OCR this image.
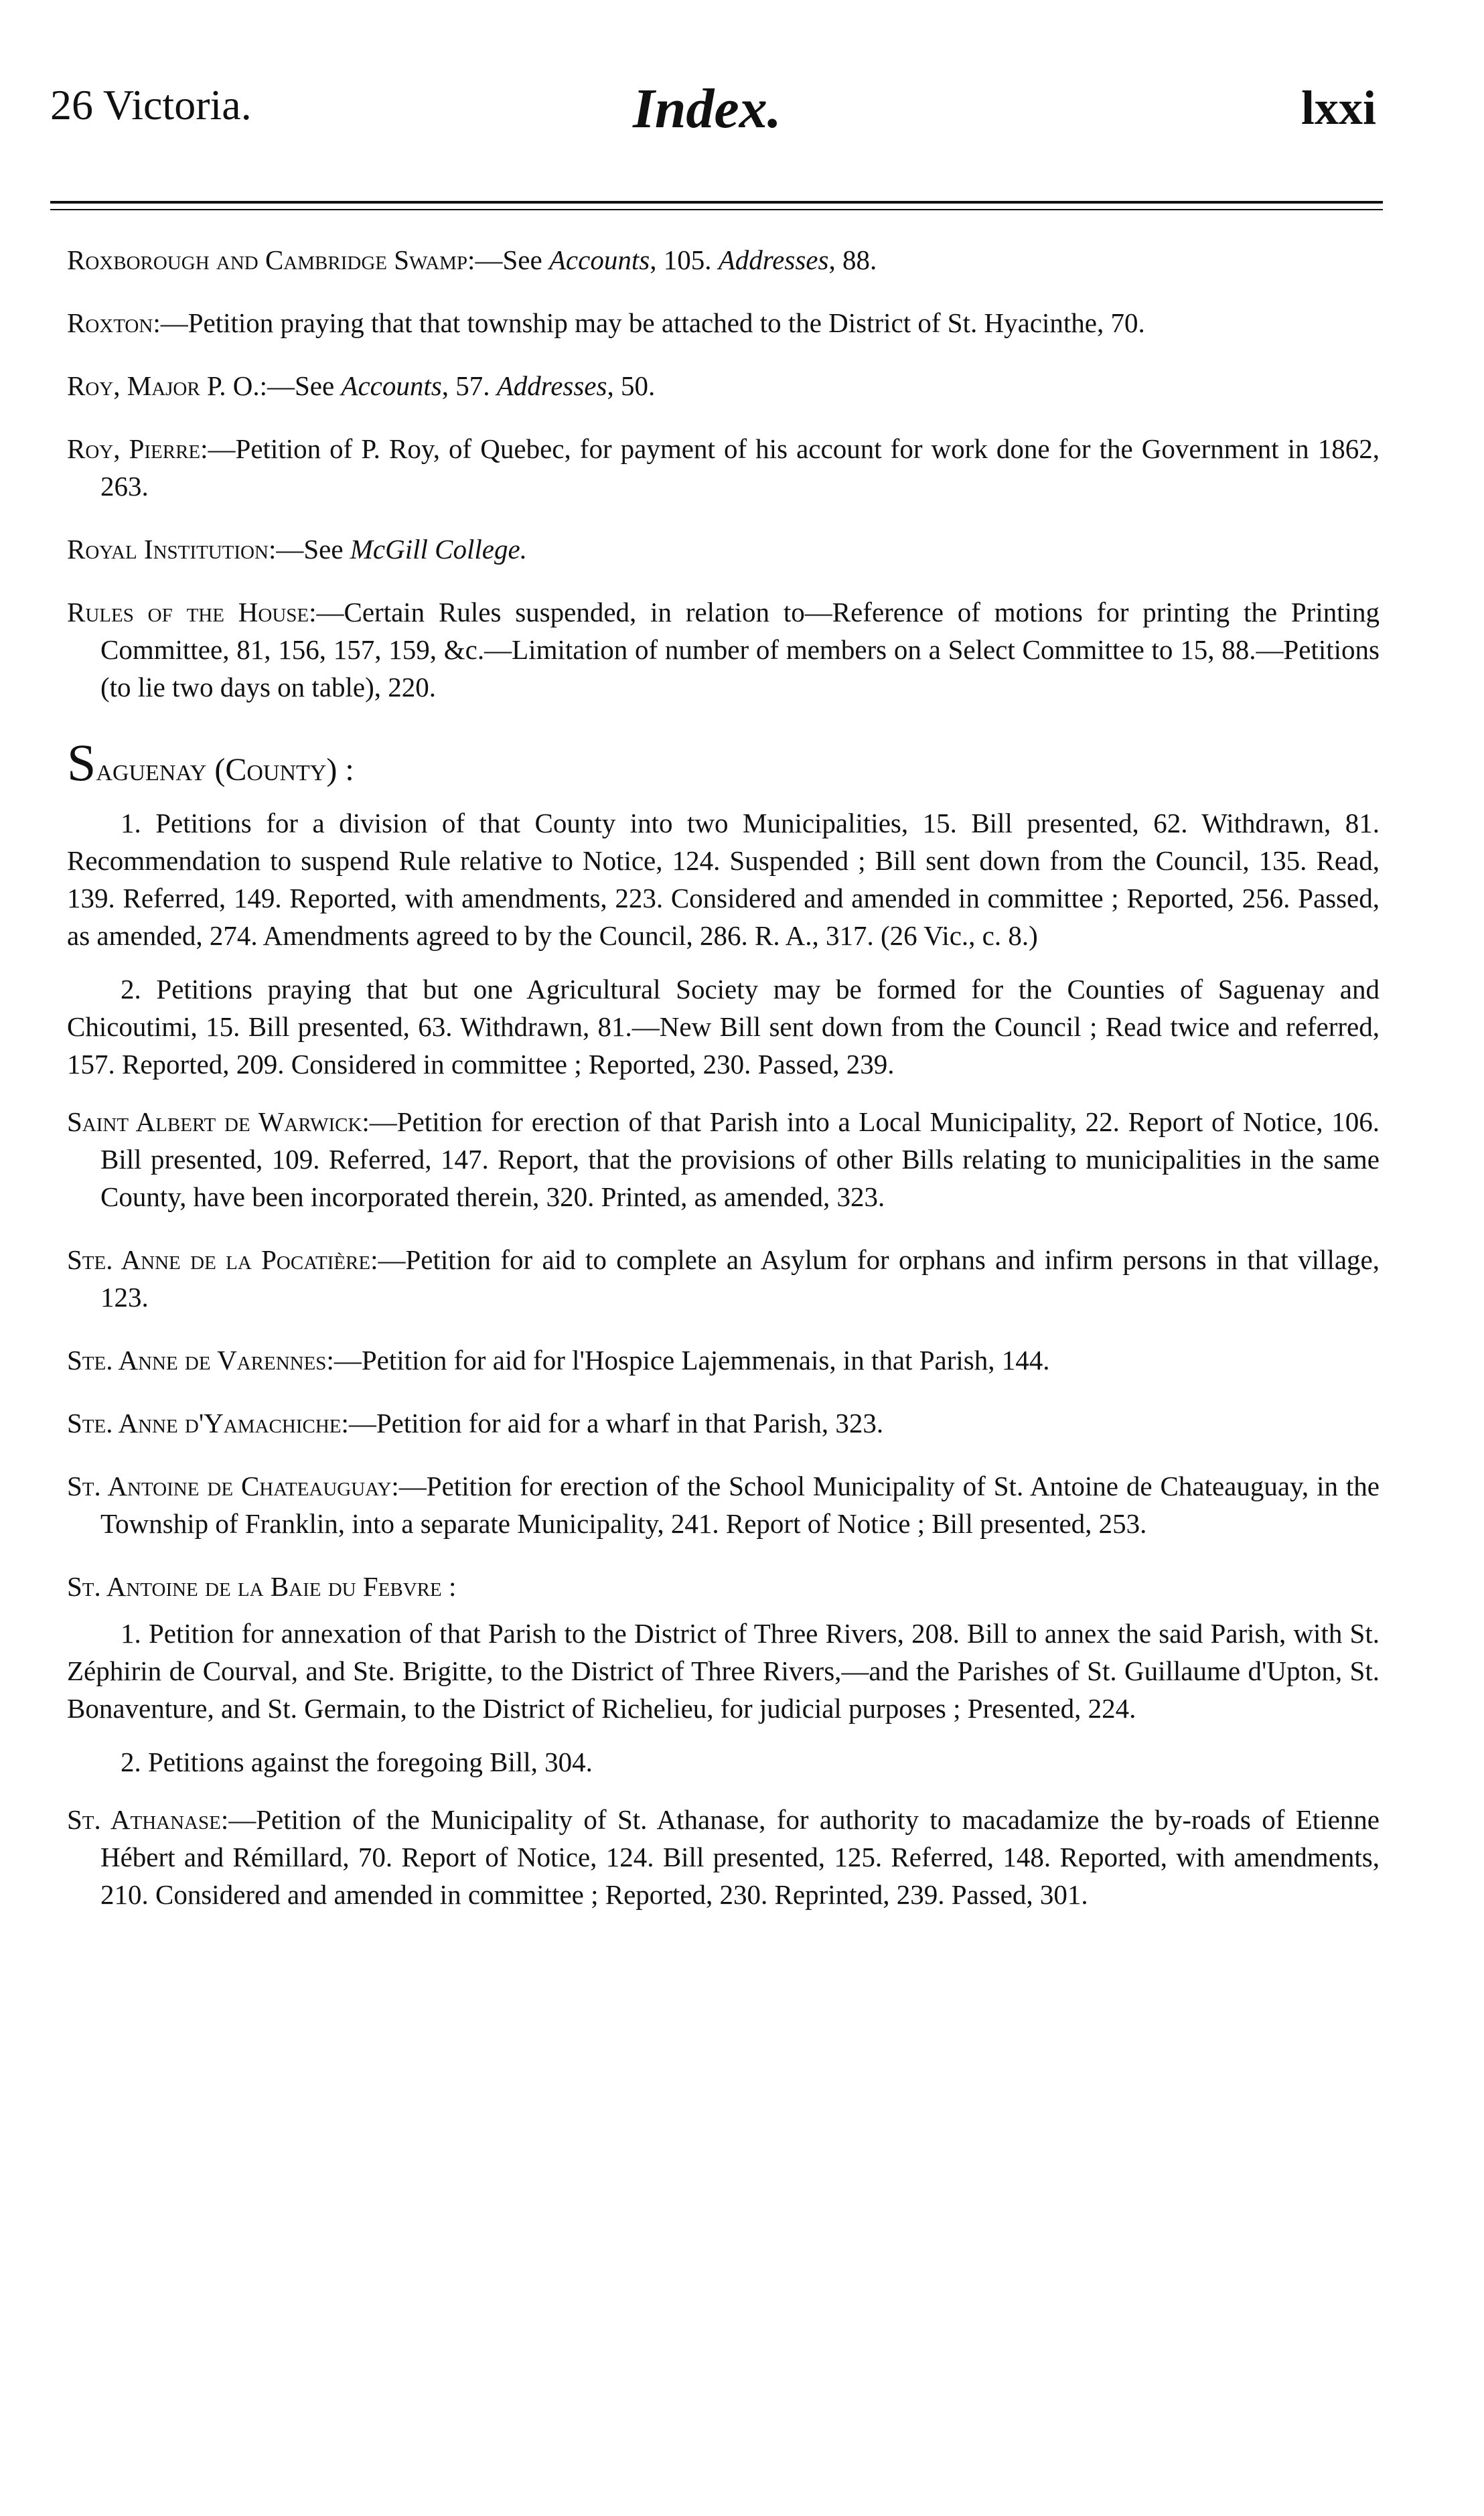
26 Victoria.	Index.	lxxi
Roxborough and Cambridge Swamp:—See Accounts, 105. Addresses, 88.
Roxton:—Petition praying that that township may be attached to the District of St. Hyacinthe, 70.
Roy, Major P. O.:—See Accounts, 57. Addresses, 50.
Roy, Pierre:—Petition of P. Roy, of Quebec, for payment of his account for work done for the Government in 1862, 263.
Royal Institution:—See McGill College.
Rules of the House:—Certain Rules suspended, in relation to—Reference of motions for printing the Printing Committee, 81, 156, 157, 159, &c.—Limitation of number of members on a Select Committee to 15, 88.—Petitions (to lie two days on table), 220.
Saguenay (County) :
1. Petitions for a division of that County into two Municipalities, 15. Bill presented, 62. Withdrawn, 81. Recommendation to suspend Rule relative to Notice, 124. Suspended ; Bill sent down from the Council, 135. Read, 139. Referred, 149. Reported, with amendments, 223. Considered and amended in committee ; Reported, 256. Passed, as amended, 274. Amendments agreed to by the Council, 286. R. A., 317. (26 Vic., c. 8.)
2. Petitions praying that but one Agricultural Society may be formed for the Counties of Saguenay and Chicoutimi, 15. Bill presented, 63. Withdrawn, 81.—New Bill sent down from the Council ; Read twice and referred, 157. Reported, 209. Considered in committee ; Reported, 230. Passed, 239.
Saint Albert de Warwick:—Petition for erection of that Parish into a Local Municipality, 22. Report of Notice, 106. Bill presented, 109. Referred, 147. Report, that the provisions of other Bills relating to municipalities in the same County, have been incorporated therein, 320. Printed, as amended, 323.
Ste. Anne de la Pocatière:—Petition for aid to complete an Asylum for orphans and infirm persons in that village, 123.
Ste. Anne de Varennes:—Petition for aid for l'Hospice Lajemmenais, in that Parish, 144.
Ste. Anne d'Yamachiche:—Petition for aid for a wharf in that Parish, 323.
St. Antoine de Chateauguay:—Petition for erection of the School Municipality of St. Antoine de Chateauguay, in the Township of Franklin, into a separate Municipality, 241. Report of Notice ; Bill presented, 253.
St. Antoine de la Baie du Febvre :
1. Petition for annexation of that Parish to the District of Three Rivers, 208. Bill to annex the said Parish, with St. Zéphirin de Courval, and Ste. Brigitte, to the District of Three Rivers,—and the Parishes of St. Guillaume d'Upton, St. Bonaventure, and St. Germain, to the District of Richelieu, for judicial purposes ; Presented, 224.
2. Petitions against the foregoing Bill, 304.
St. Athanase:—Petition of the Municipality of St. Athanase, for authority to macadamize the by-roads of Etienne Hébert and Rémillard, 70. Report of Notice, 124. Bill presented, 125. Referred, 148. Reported, with amendments, 210. Considered and amended in committee ; Reported, 230. Reprinted, 239. Passed, 301.
